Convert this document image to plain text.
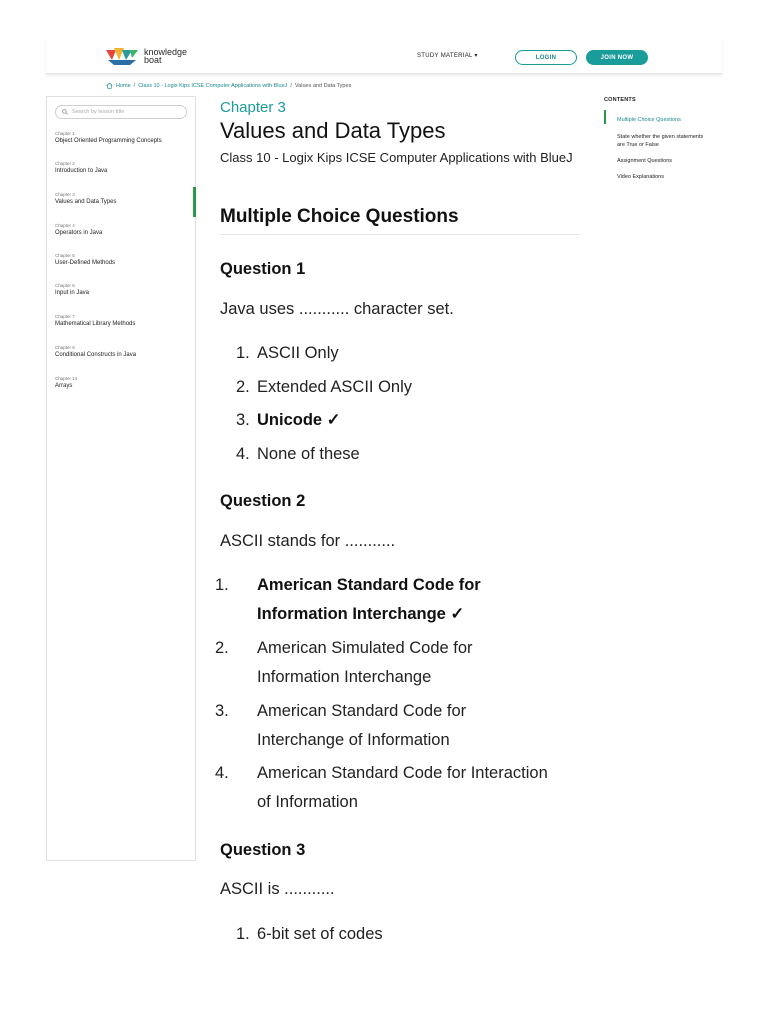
knowledge
boat	STUDY MATERIAL ▾	LOGIN	JOIN NOW
Home / Class 10 - Logix Kips ICSE Computer Applications with BlueJ / Values and Data Types
Search by lesson title
Chapter 1
Object Oriented Programming Concepts
Chapter 2
Introduction to Java
Chapter 3
Values and Data Types
Chapter 4
Operators in Java
Chapter 5
User-Defined Methods
Chapter 6
Input in Java
Chapter 7
Mathematical Library Methods
Chapter 8
Conditional Constructs in Java
Chapter 14
Arrays
Chapter 3
Values and Data Types
Class 10 - Logix Kips ICSE Computer Applications with BlueJ
Multiple Choice Questions
Question 1
Java uses ........... character set.
1. ASCII Only
2. Extended ASCII Only
3. Unicode ✓
4. None of these
Question 2
ASCII stands for ...........
1. American Standard Code for Information Interchange ✓
2. American Simulated Code for Information Interchange
3. American Standard Code for Interchange of Information
4. American Standard Code for Interaction of Information
Question 3
ASCII is ...........
1. 6-bit set of codes
CONTENTS
Multiple Choice Questions
State whether the given statements are True or False
Assignment Questions
Video Explanations
